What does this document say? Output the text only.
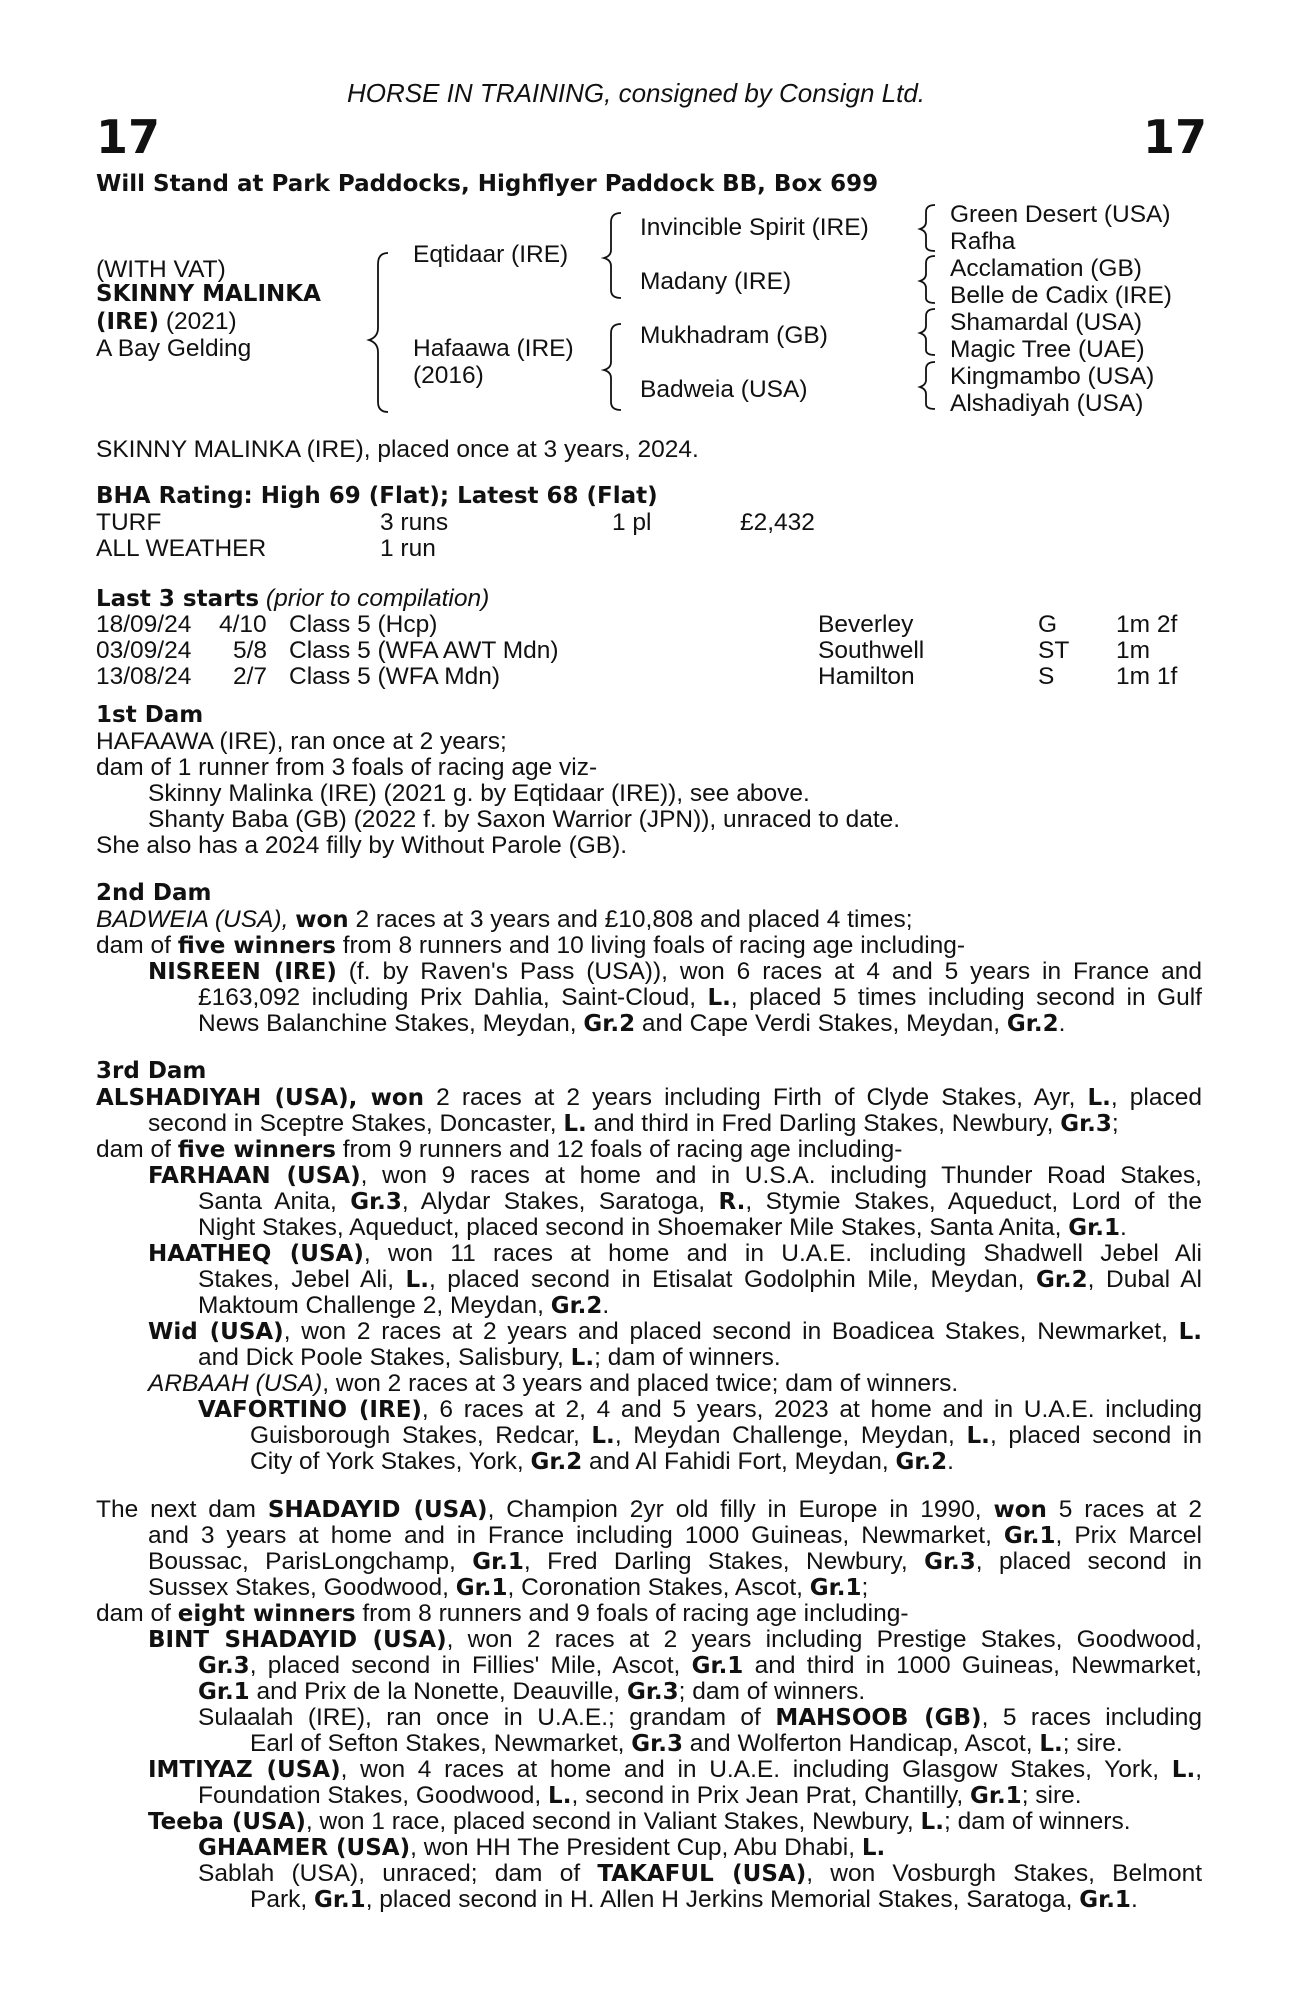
HORSE IN TRAINING, consigned by Consign Ltd.
17	17
Will Stand at Park Paddocks, Highflyer Paddock BB, Box 699
(WITH VAT)
SKINNY MALINKA
(IRE) (2021)
A Bay Gelding
Eqtidaar (IRE)
Hafaawa (IRE)
(2016)
Invincible Spirit (IRE)
Madany (IRE)
Mukhadram (GB)
Badweia (USA)
Green Desert (USA)
Rafha
Acclamation (GB)
Belle de Cadix (IRE)
Shamardal (USA)
Magic Tree (UAE)
Kingmambo (USA)
Alshadiyah (USA)
SKINNY MALINKA (IRE), placed once at 3 years, 2024.
BHA Rating: High 69 (Flat); Latest 68 (Flat)
TURF	3 runs	1 pl	£2,432
ALL WEATHER	1 run
Last 3 starts (prior to compilation)
18/09/24 4/10 Class 5 (Hcp)	Beverley	G 1m 2f
03/09/24 5/8 Class 5 (WFA AWT Mdn)	Southwell	ST 1m
13/08/24 2/7 Class 5 (WFA Mdn)	Hamilton	S	1m 1f
1st Dam
HAFAAWA (IRE), ran once at 2 years;
dam of 1 runner from 3 foals of racing age viz-
Skinny Malinka (IRE) (2021 g. by Eqtidaar (IRE)), see above.
Shanty Baba (GB) (2022 f. by Saxon Warrior (JPN)), unraced to date.
She also has a 2024 filly by Without Parole (GB).
2nd Dam
BADWEIA (USA), won 2 races at 3 years and £10,808 and placed 4 times;
dam of five winners from 8 runners and 10 living foals of racing age including-
NISREEN (IRE) (f. by Raven's Pass (USA)), won 6 races at 4 and 5 years in France and
£163,092 including Prix Dahlia, Saint-Cloud, L., placed 5 times including second in Gulf
News Balanchine Stakes, Meydan, Gr.2 and Cape Verdi Stakes, Meydan, Gr.2.
3rd Dam
ALSHADIYAH (USA), won 2 races at 2 years including Firth of Clyde Stakes, Ayr, L., placed
second in Sceptre Stakes, Doncaster, L. and third in Fred Darling Stakes, Newbury, Gr.3;
dam of five winners from 9 runners and 12 foals of racing age including-
FARHAAN (USA), won 9 races at home and in U.S.A. including Thunder Road Stakes,
Santa Anita, Gr.3, Alydar Stakes, Saratoga, R., Stymie Stakes, Aqueduct, Lord of the
Night Stakes, Aqueduct, placed second in Shoemaker Mile Stakes, Santa Anita, Gr.1.
HAATHEQ (USA), won 11 races at home and in U.A.E. including Shadwell Jebel Ali
Stakes, Jebel Ali, L., placed second in Etisalat Godolphin Mile, Meydan, Gr.2, Dubal Al
Maktoum Challenge 2, Meydan, Gr.2.
Wid (USA), won 2 races at 2 years and placed second in Boadicea Stakes, Newmarket, L.
and Dick Poole Stakes, Salisbury, L.; dam of winners.
ARBAAH (USA), won 2 races at 3 years and placed twice; dam of winners.
VAFORTINO (IRE), 6 races at 2, 4 and 5 years, 2023 at home and in U.A.E. including
Guisborough Stakes, Redcar, L., Meydan Challenge, Meydan, L., placed second in
City of York Stakes, York, Gr.2 and Al Fahidi Fort, Meydan, Gr.2.
The next dam SHADAYID (USA), Champion 2yr old filly in Europe in 1990, won 5 races at 2
and 3 years at home and in France including 1000 Guineas, Newmarket, Gr.1, Prix Marcel
Boussac, ParisLongchamp, Gr.1, Fred Darling Stakes, Newbury, Gr.3, placed second in
Sussex Stakes, Goodwood, Gr.1, Coronation Stakes, Ascot, Gr.1;
dam of eight winners from 8 runners and 9 foals of racing age including-
BINT SHADAYID (USA), won 2 races at 2 years including Prestige Stakes, Goodwood,
Gr.3, placed second in Fillies' Mile, Ascot, Gr.1 and third in 1000 Guineas, Newmarket,
Gr.1 and Prix de la Nonette, Deauville, Gr.3; dam of winners.
Sulaalah (IRE), ran once in U.A.E.; grandam of MAHSOOB (GB), 5 races including
Earl of Sefton Stakes, Newmarket, Gr.3 and Wolferton Handicap, Ascot, L.; sire.
IMTIYAZ (USA), won 4 races at home and in U.A.E. including Glasgow Stakes, York, L.,
Foundation Stakes, Goodwood, L., second in Prix Jean Prat, Chantilly, Gr.1; sire.
Teeba (USA), won 1 race, placed second in Valiant Stakes, Newbury, L.; dam of winners.
GHAAMER (USA), won HH The President Cup, Abu Dhabi, L.
Sablah (USA), unraced; dam of TAKAFUL (USA), won Vosburgh Stakes, Belmont
Park, Gr.1, placed second in H. Allen H Jerkins Memorial Stakes, Saratoga, Gr.1.
